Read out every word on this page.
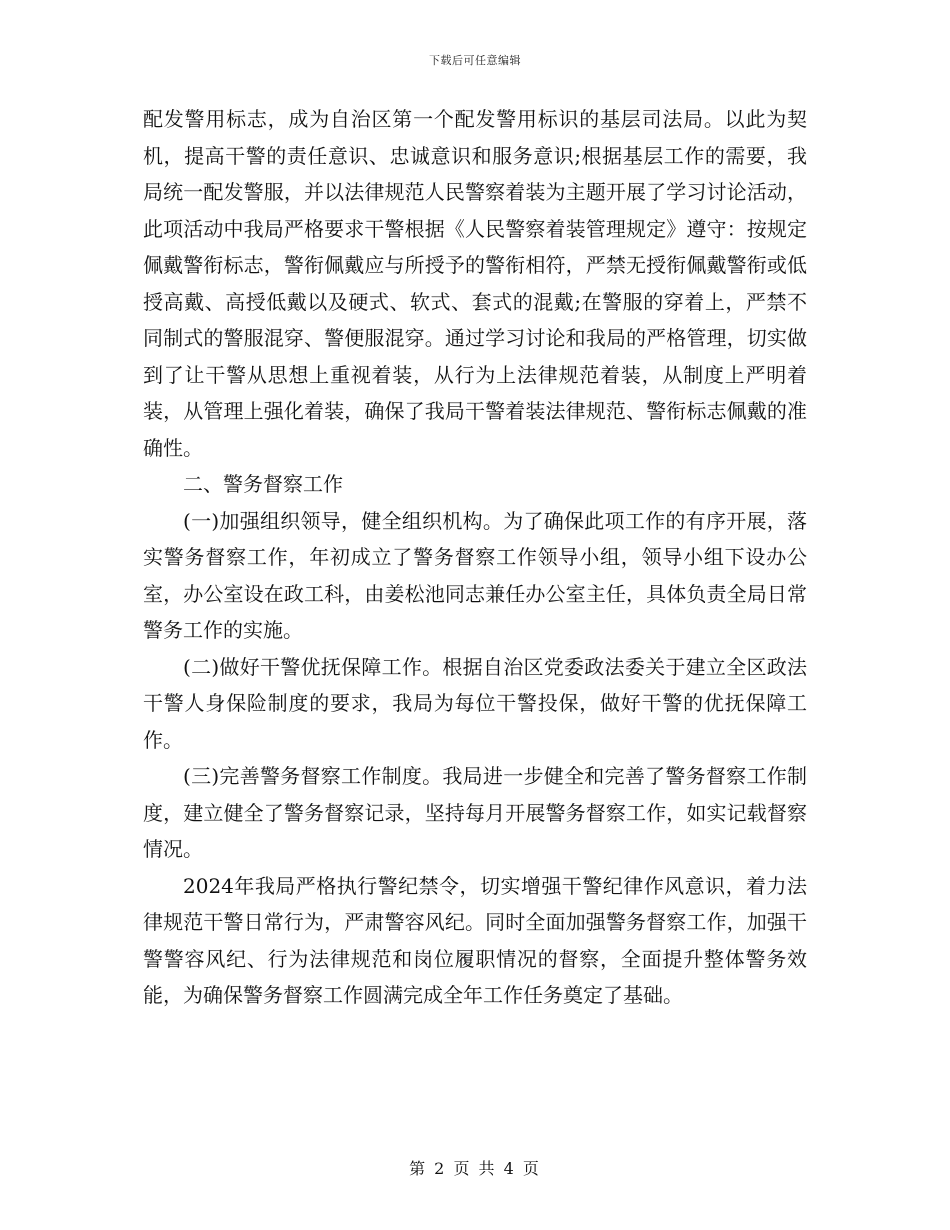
下载后可任意编辑

配发警用标志，成为自治区第一个配发警用标识的基层司法局。以此为契机，提高干警的责任意识、忠诚意识和服务意识;根据基层工作的需要，我局统一配发警服，并以法律规范人民警察着装为主题开展了学习讨论活动，此项活动中我局严格要求干警根据《人民警察着装管理规定》遵守：按规定佩戴警衔标志，警衔佩戴应与所授予的警衔相符，严禁无授衔佩戴警衔或低授高戴、高授低戴以及硬式、软式、套式的混戴;在警服的穿着上，严禁不同制式的警服混穿、警便服混穿。通过学习讨论和我局的严格管理，切实做到了让干警从思想上重视着装，从行为上法律规范着装，从制度上严明着装，从管理上强化着装，确保了我局干警着装法律规范、警衔标志佩戴的准确性。

二、警务督察工作

(一)加强组织领导，健全组织机构。为了确保此项工作的有序开展，落实警务督察工作，年初成立了警务督察工作领导小组，领导小组下设办公室，办公室设在政工科，由姜松池同志兼任办公室主任，具体负责全局日常警务工作的实施。

(二)做好干警优抚保障工作。根据自治区党委政法委关于建立全区政法干警人身保险制度的要求，我局为每位干警投保，做好干警的优抚保障工作。

(三)完善警务督察工作制度。我局进一步健全和完善了警务督察工作制度，建立健全了警务督察记录，坚持每月开展警务督察工作，如实记载督察情况。

2024年我局严格执行警纪禁令，切实增强干警纪律作风意识，着力法律规范干警日常行为，严肃警容风纪。同时全面加强警务督察工作，加强干警警容风纪、行为法律规范和岗位履职情况的督察，全面提升整体警务效能，为确保警务督察工作圆满完成全年工作任务奠定了基础。

第 2 页 共 4 页
